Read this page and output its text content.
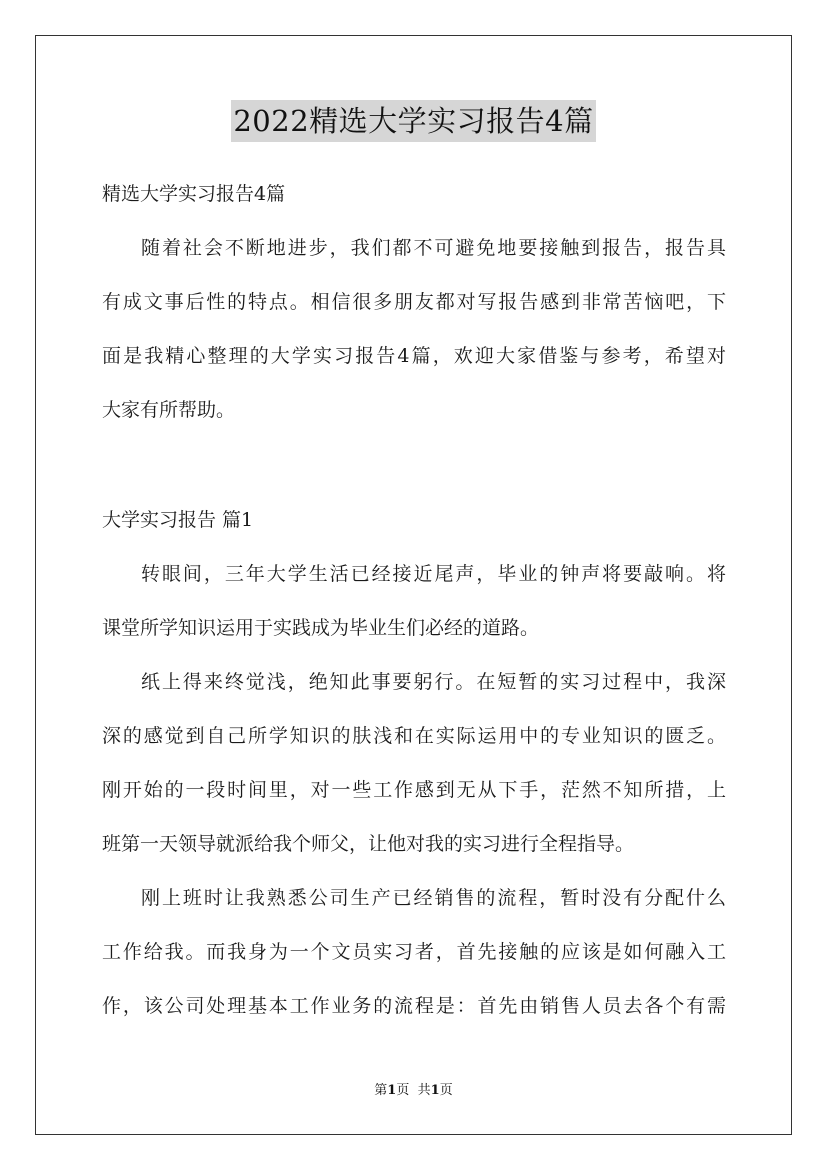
2022精选大学实习报告4篇
精选大学实习报告4篇
随着社会不断地进步，我们都不可避免地要接触到报告，报告具
有成文事后性的特点。相信很多朋友都对写报告感到非常苦恼吧，下
面是我精心整理的大学实习报告4篇，欢迎大家借鉴与参考，希望对
大家有所帮助。
大学实习报告 篇1
转眼间，三年大学生活已经接近尾声，毕业的钟声将要敲响。将
课堂所学知识运用于实践成为毕业生们必经的道路。
纸上得来终觉浅，绝知此事要躬行。在短暂的实习过程中，我深
深的感觉到自己所学知识的肤浅和在实际运用中的专业知识的匮乏。
刚开始的一段时间里，对一些工作感到无从下手，茫然不知所措，上
班第一天领导就派给我个师父，让他对我的实习进行全程指导。
刚上班时让我熟悉公司生产已经销售的流程，暂时没有分配什么
工作给我。而我身为一个文员实习者，首先接触的应该是如何融入工
作，该公司处理基本工作业务的流程是：首先由销售人员去各个有需
第1页 共1页
